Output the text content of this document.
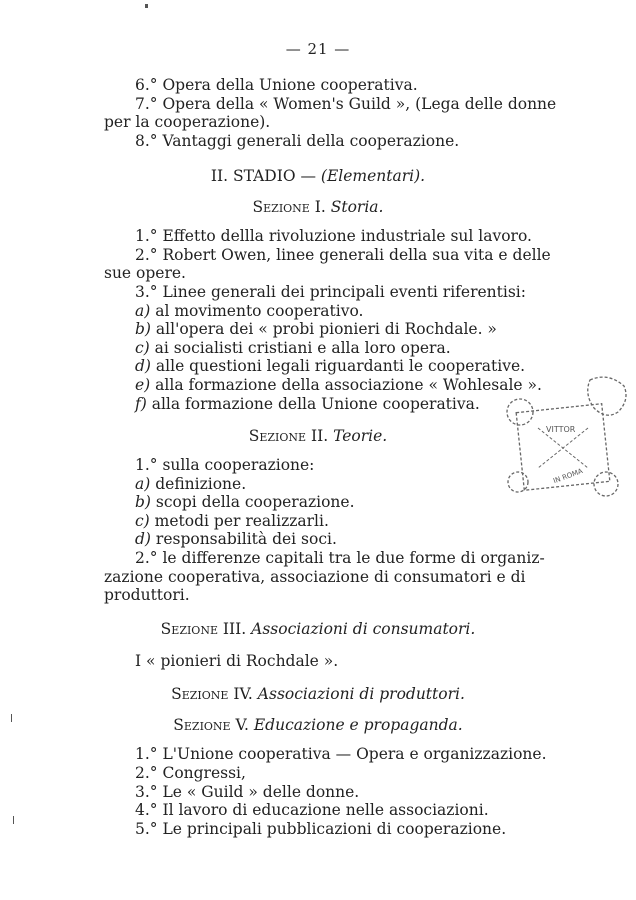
— 21 —
6.° Opera della Unione cooperativa.
7.° Opera della « Women's Guild », (Lega delle donne
per la cooperazione).
8.° Vantaggi generali della cooperazione.
II. STADIO — (Elementari).
Sezione I. Storia.
1.° Effetto dellla rivoluzione industriale sul lavoro.
2.° Robert Owen, linee generali della sua vita e delle
sue opere.
3.° Linee generali dei principali eventi riferentisi:
a) al movimento cooperativo.
b) all'opera dei « probi pionieri di Rochdale. »
c) ai socialisti cristiani e alla loro opera.
d) alle questioni legali riguardanti le cooperative.
e) alla formazione della associazione « Wohlesale ».
f) alla formazione della Unione cooperativa.
Sezione II. Teorie.
1.° sulla cooperazione:
a) definizione.
b) scopi della cooperazione.
c) metodi per realizzarli.
d) responsabilità dei soci.
2.° le differenze capitali tra le due forme di organiz-
zazione cooperativa, associazione di consumatori e di
produttori.
Sezione III. Associazioni di consumatori.
I « pionieri di Rochdale ».
Sezione IV. Associazioni di produttori.
Sezione V. Educazione e propaganda.
1.° L'Unione cooperativa — Opera e organizzazione.
2.° Congressi,
3.° Le « Guild » delle donne.
4.° Il lavoro di educazione nelle associazioni.
5.° Le principali pubblicazioni di cooperazione.
VITTOR
IN ROMA
